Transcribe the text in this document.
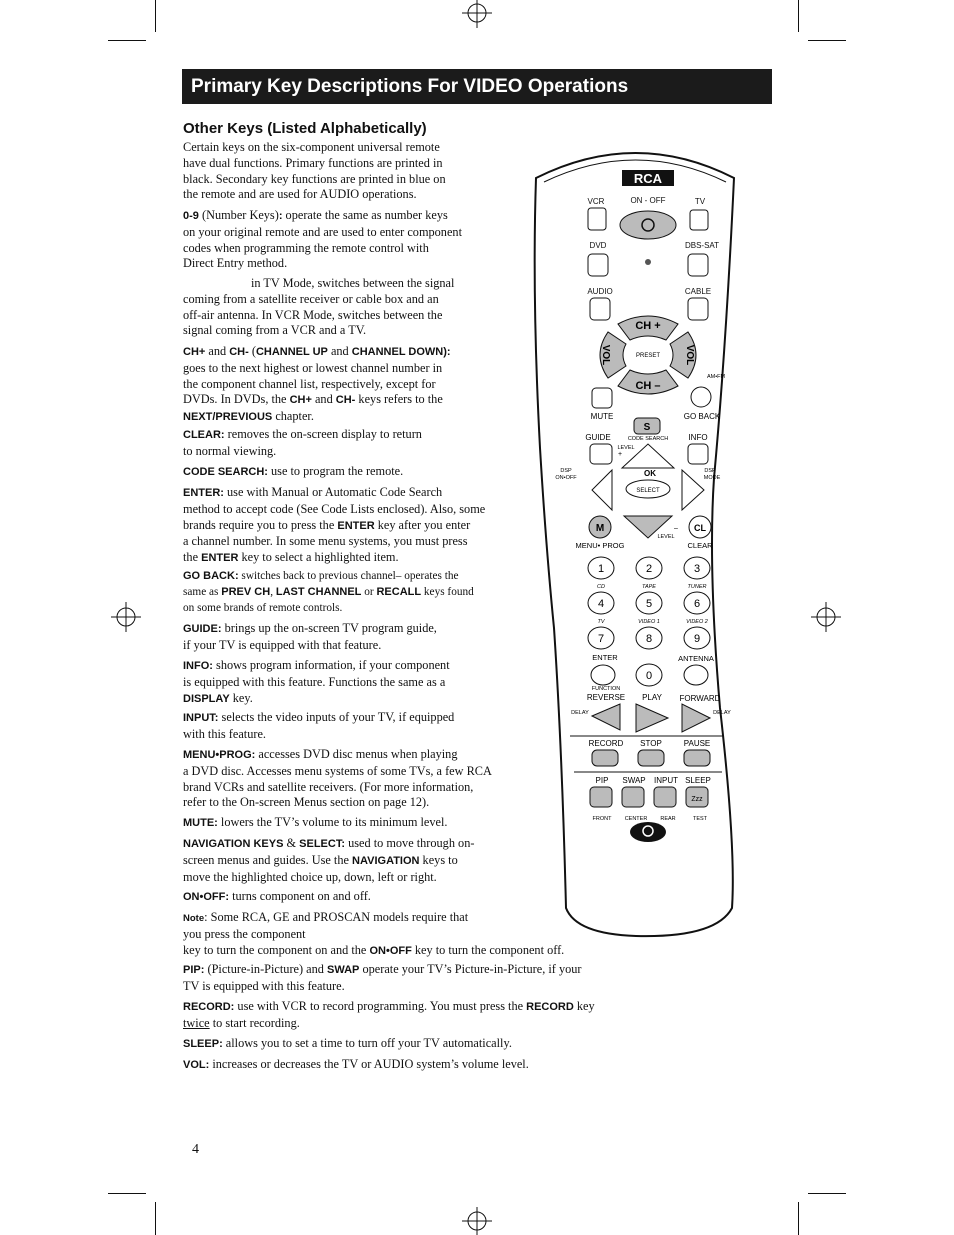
Primary Key Descriptions For VIDEO Operations
Other Keys (Listed Alphabetically)
Certain keys on the six-component universal remote
have dual functions. Primary functions are printed in
black. Secondary key functions are printed in blue on
the remote and are used for AUDIO operations.
0-9 (Number Keys): operate the same as number keys
on your original remote and are used to enter component
codes when programming the remote control with
Direct Entry method.
in TV Mode, switches between the signal
coming from a satellite receiver or cable box and an
off-air antenna. In VCR Mode, switches between the
signal coming from a VCR and a TV.
CH+ and CH- (CHANNEL UP and CHANNEL DOWN):
goes to the next highest or lowest channel number in
the component channel list, respectively, except for
DVDs. In DVDs, the CH+ and CH- keys refers to the
NEXT/PREVIOUS chapter.
CLEAR: removes the on-screen display to return
to normal viewing.
CODE SEARCH: use to program the remote.
ENTER: use with Manual or Automatic Code Search
method to accept code (See Code Lists enclosed). Also, some
brands require you to press the ENTER key after you enter
a channel number. In some menu systems, you must press
the ENTER key to select a highlighted item.
GO BACK: switches back to previous channel– operates the
same as PREV CH, LAST CHANNEL or RECALL keys found
on some brands of remote controls.
GUIDE: brings up the on-screen TV program guide,
if your TV is equipped with that feature.
INFO: shows program information, if your component
is equipped with this feature. Functions the same as a
DISPLAY key.
INPUT: selects the video inputs of your TV, if equipped
with this feature.
MENU•PROG: accesses DVD disc menus when playing
a DVD disc. Accesses menu systems of some TVs, a few RCA
brand VCRs and satellite receivers. (For more information,
refer to the On-screen Menus section on page 12).
MUTE: lowers the TV’s volume to its minimum level.
NAVIGATION KEYS & SELECT: used to move through on-
screen menus and guides. Use the NAVIGATION keys to
move the highlighted choice up, down, left or right.
ON•OFF: turns component on and off.
Note: Some RCA, GE and PROSCAN models require that
you press the component
key to turn the component on and the ON•OFF key to turn the component off.
PIP: (Picture-in-Picture) and SWAP operate your TV’s Picture-in-Picture, if your
TV is equipped with this feature.
RECORD: use with VCR to record programming. You must press the RECORD key
twice to start recording.
SLEEP: allows you to set a time to turn off your TV automatically.
VOL: increases or decreases the TV or AUDIO system’s volume level.
4
RCA
VCR	ON - OFF	TV
DVD	DBS-SAT
AUDIO	CABLE
CH +
CH –
VOL	VOL
PRESET
MUTE	GO BACK
AM•FM
S
CODE SEARCH
GUIDE	INFO
LEVEL
+
OK
DSP
ON•OFF
DSP
MODE
SELECT
LEVEL
–
M	CL
MENU• PROG	CLEAR
1	2	3
4	5	6
7	8	9
0
CD	TAPE	TUNER
TV	VIDEO 1	VIDEO 2
ENTER	ANTENNA
FUNCTION
REVERSE PLAY FORWARD
DELAY	DELAY
RECORD STOP	PAUSE
PIP SWAP INPUT SLEEP
Zzz
FRONT CENTER REAR	TEST
